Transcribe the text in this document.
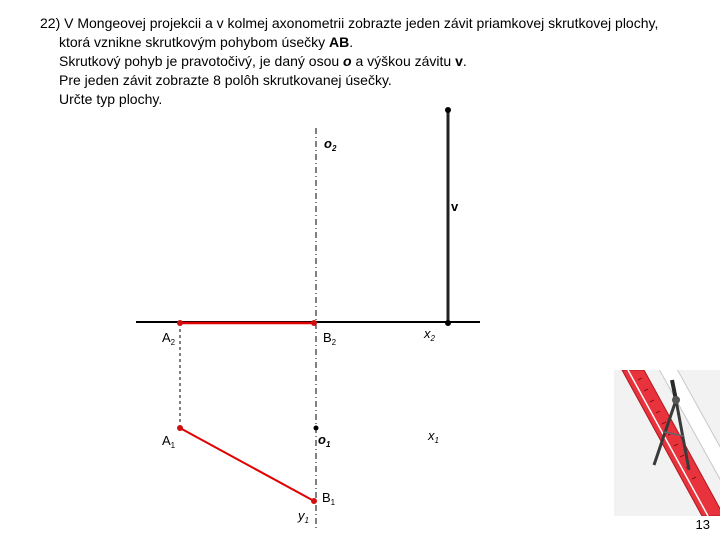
22) V Mongeovej projekcii a v kolmej axonometrii zobrazte jeden závit priamkovej skrutkovej plochy,
ktorá vznikne skrutkovým pohybom úsečky AB.
Skrutkový pohyb je pravotočivý, je daný osou o a výškou závitu v.
Pre jeden závit zobrazte 8 polôh skrutkovanej úsečky.
Určte typ plochy.
$o_2$
v
$A_2$	$B_2$
$x_2$
$A_1$	$o_1$
$x_1$
$B_1$
$y_1$	13
